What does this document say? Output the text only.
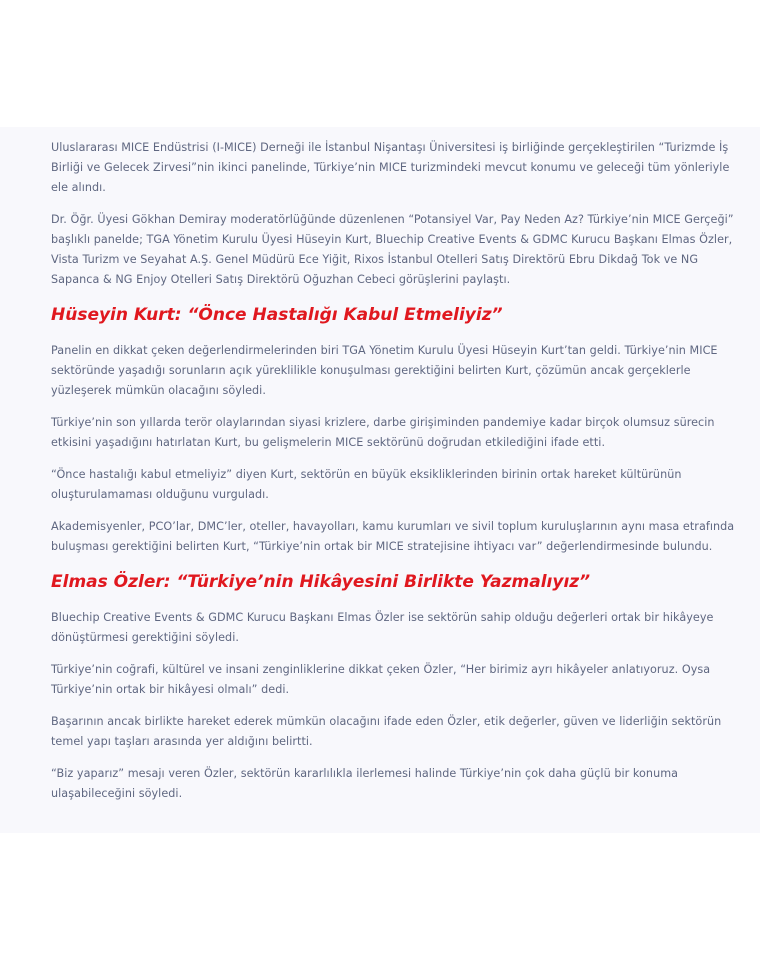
Uluslararası MICE Endüstrisi (I-MICE) Derneği ile İstanbul Nişantaşı Üniversitesi iş birliğinde gerçekleştirilen “Turizmde İş Birliği ve Gelecek Zirvesi”nin ikinci panelinde, Türkiye’nin MICE turizmindeki mevcut konumu ve geleceği tüm yönleriyle ele alındı.

Dr. Öğr. Üyesi Gökhan Demiray moderatörlüğünde düzenlenen “Potansiyel Var, Pay Neden Az? Türkiye’nin MICE Gerçeği” başlıklı panelde; TGA Yönetim Kurulu Üyesi Hüseyin Kurt, Bluechip Creative Events & GDMC Kurucu Başkanı Elmas Özler, Vista Turizm ve Seyahat A.Ş. Genel Müdürü Ece Yiğit, Rixos İstanbul Otelleri Satış Direktörü Ebru Dikdağ Tok ve NG Sapanca & NG Enjoy Otelleri Satış Direktörü Oğuzhan Cebeci görüşlerini paylaştı.

Hüseyin Kurt: “Önce Hastalığı Kabul Etmeliyiz”

Panelin en dikkat çeken değerlendirmelerinden biri TGA Yönetim Kurulu Üyesi Hüseyin Kurt’tan geldi. Türkiye’nin MICE sektöründe yaşadığı sorunların açık yüreklilikle konuşulması gerektiğini belirten Kurt, çözümün ancak gerçeklerle yüzleşerek mümkün olacağını söyledi.

Türkiye’nin son yıllarda terör olaylarından siyasi krizlere, darbe girişiminden pandemiye kadar birçok olumsuz sürecin etkisini yaşadığını hatırlatan Kurt, bu gelişmelerin MICE sektörünü doğrudan etkilediğini ifade etti.

“Önce hastalığı kabul etmeliyiz” diyen Kurt, sektörün en büyük eksikliklerinden birinin ortak hareket kültürünün oluşturulamaması olduğunu vurguladı.

Akademisyenler, PCO’lar, DMC’ler, oteller, havayolları, kamu kurumları ve sivil toplum kuruluşlarının aynı masa etrafında buluşması gerektiğini belirten Kurt, “Türkiye’nin ortak bir MICE stratejisine ihtiyacı var” değerlendirmesinde bulundu.

Elmas Özler: “Türkiye’nin Hikâyesini Birlikte Yazmalıyız”

Bluechip Creative Events & GDMC Kurucu Başkanı Elmas Özler ise sektörün sahip olduğu değerleri ortak bir hikâyeye dönüştürmesi gerektiğini söyledi.

Türkiye’nin coğrafi, kültürel ve insani zenginliklerine dikkat çeken Özler, “Her birimiz ayrı hikâyeler anlatıyoruz. Oysa Türkiye’nin ortak bir hikâyesi olmalı” dedi.

Başarının ancak birlikte hareket ederek mümkün olacağını ifade eden Özler, etik değerler, güven ve liderliğin sektörün temel yapı taşları arasında yer aldığını belirtti.

“Biz yaparız” mesajı veren Özler, sektörün kararlılıkla ilerlemesi halinde Türkiye’nin çok daha güçlü bir konuma ulaşabileceğini söyledi.
